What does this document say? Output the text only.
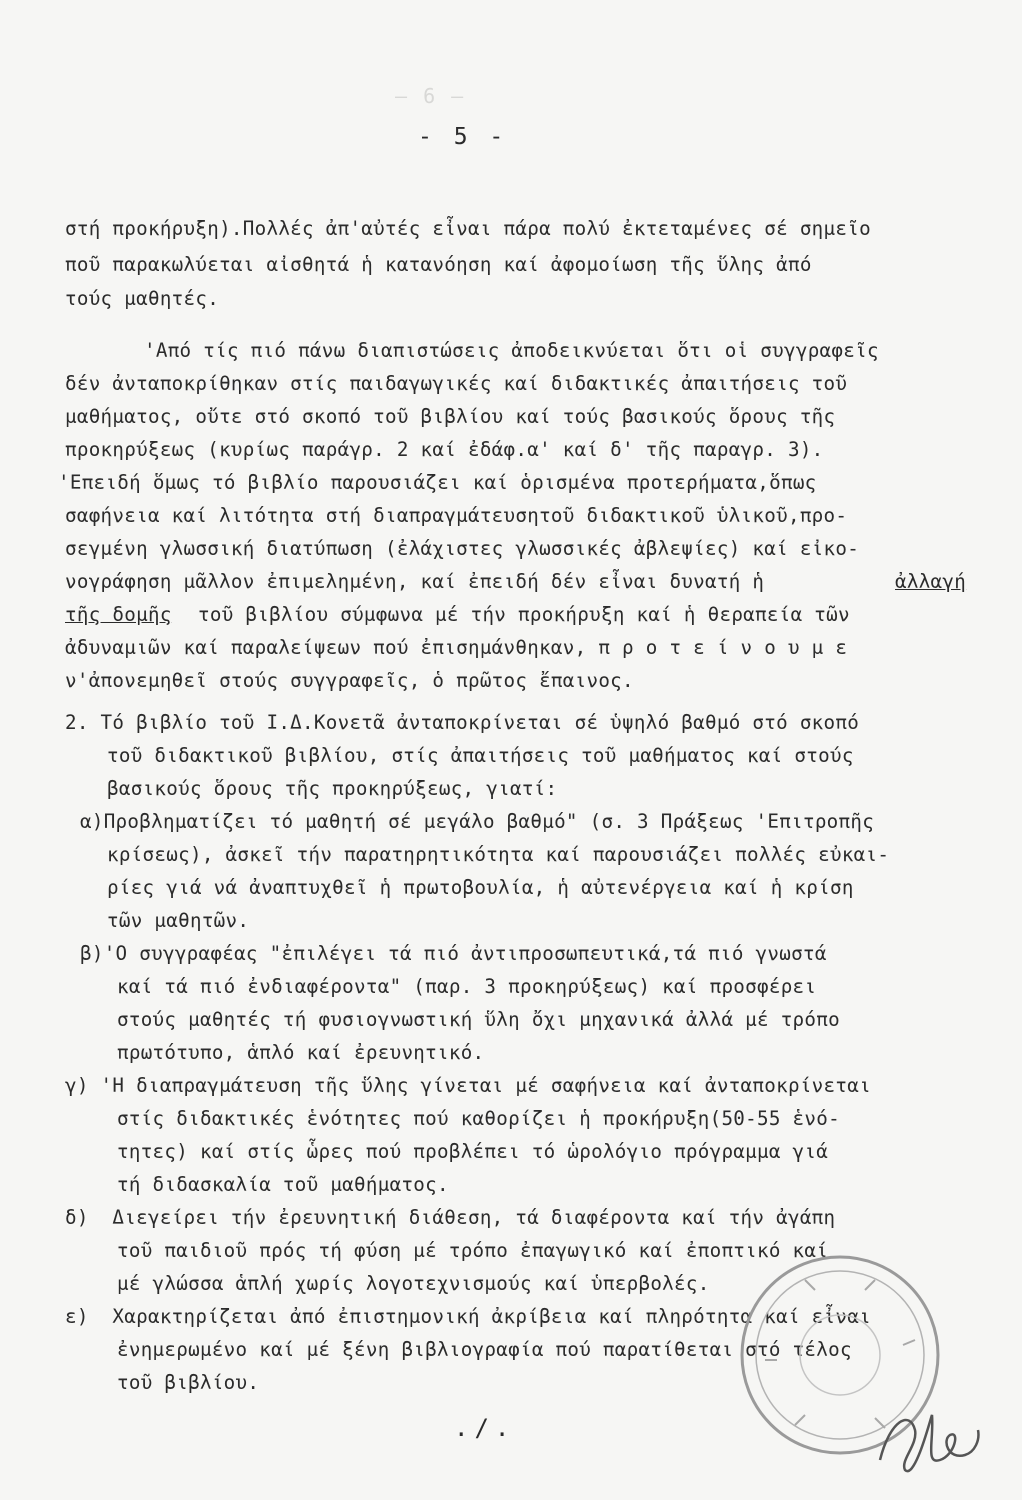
– 6 –
- 5 -
στή προκήρυξη).Πολλές ἀπ'αὐτές εἶναι πάρα πολύ ἐκτεταμένες σέ σημεῖο
ποῦ παρακωλύεται αἰσθητά ἡ κατανόηση καί ἀφομοίωση τῆς ὕλης ἀπό
τούς μαθητές.
'Από τίς πιό πάνω διαπιστώσεις ἀποδεικνύεται ὅτι οἱ συγγραφεῖς
δέν ἀνταποκρίθηκαν στίς παιδαγωγικές καί διδακτικές ἀπαιτήσεις τοῦ
μαθήματος, οὔτε στό σκοπό τοῦ βιβλίου καί τούς βασικούς ὅρους τῆς
προκηρύξεως (κυρίως παράγρ. 2 καί ἐδάφ.α' καί δ' τῆς παραγρ. 3).
'Επειδή ὅμως τό βιβλίο παρουσιάζει καί ὁρισμένα προτερήματα,ὅπως
σαφήνεια καί λιτότητα στή διαπραγμάτευσητοῦ διδακτικοῦ ὑλικοῦ,προ-
σεγμένη γλωσσική διατύπωση (ἐλάχιστες γλωσσικές ἀβλεψίες) καί εἰκο-
νογράφηση μᾶλλον ἐπιμελημένη, καί ἐπειδή δέν εἶναι δυνατή ἡ	ἀλλαγή
τῆς δομῆς τοῦ βιβλίου σύμφωνα μέ τήν προκήρυξη καί ἡ θεραπεία τῶν
ἀδυναμιῶν καί παραλείψεων πού ἐπισημάνθηκαν, π ρ ο τ ε ί ν ο υ μ ε
ν'ἀπονεμηθεῖ στούς συγγραφεῖς, ὁ πρῶτος ἔπαινος.
2. Τό βιβλίο τοῦ Ι.Δ.Κονετᾶ ἀνταποκρίνεται σέ ὑψηλό βαθμό στό σκοπό
τοῦ διδακτικοῦ βιβλίου, στίς ἀπαιτήσεις τοῦ μαθήματος καί στούς
βασικούς ὅρους τῆς προκηρύξεως, γιατί:
α)Προβληματίζει τό μαθητή σέ μεγάλο βαθμό" (σ. 3 Πράξεως 'Επιτροπῆς
κρίσεως), ἀσκεῖ τήν παρατηρητικότητα καί παρουσιάζει πολλές εὐκαι-
ρίες γιά νά ἀναπτυχθεῖ ἡ πρωτοβουλία, ἡ αὐτενέργεια καί ἡ κρίση
τῶν μαθητῶν.
β)'Ο συγγραφέας "ἐπιλέγει τά πιό ἀντιπροσωπευτικά,τά πιό γνωστά
καί τά πιό ἐνδιαφέροντα" (παρ. 3 προκηρύξεως) καί προσφέρει
στούς μαθητές τή φυσιογνωστική ὕλη ὄχι μηχανικά ἀλλά μέ τρόπο
πρωτότυπο, ἁπλό καί ἐρευνητικό.
γ) 'Η διαπραγμάτευση τῆς ὕλης γίνεται μέ σαφήνεια καί ἀνταποκρίνεται
στίς διδακτικές ἑνότητες πού καθορίζει ἡ προκήρυξη(50-55 ἑνό-
τητες) καί στίς ὧρες πού προβλέπει τό ὡρολόγιο πρόγραμμα γιά
τή διδασκαλία τοῦ μαθήματος.
δ)  Διεγείρει τήν ἐρευνητική διάθεση, τά διαφέροντα καί τήν ἀγάπη
τοῦ παιδιοῦ πρός τή φύση μέ τρόπο ἐπαγωγικό καί ἐποπτικό καί
μέ γλώσσα ἁπλή χωρίς λογοτεχνισμούς καί ὑπερβολές.
ε)  Χαρακτηρίζεται ἀπό ἐπιστημονική ἀκρίβεια καί πληρότητα καί εἶναι
ἐνημερωμένο καί μέ ξένη βιβλιογραφία πού παρατίθεται στό τέλος
τοῦ βιβλίου.
./.
